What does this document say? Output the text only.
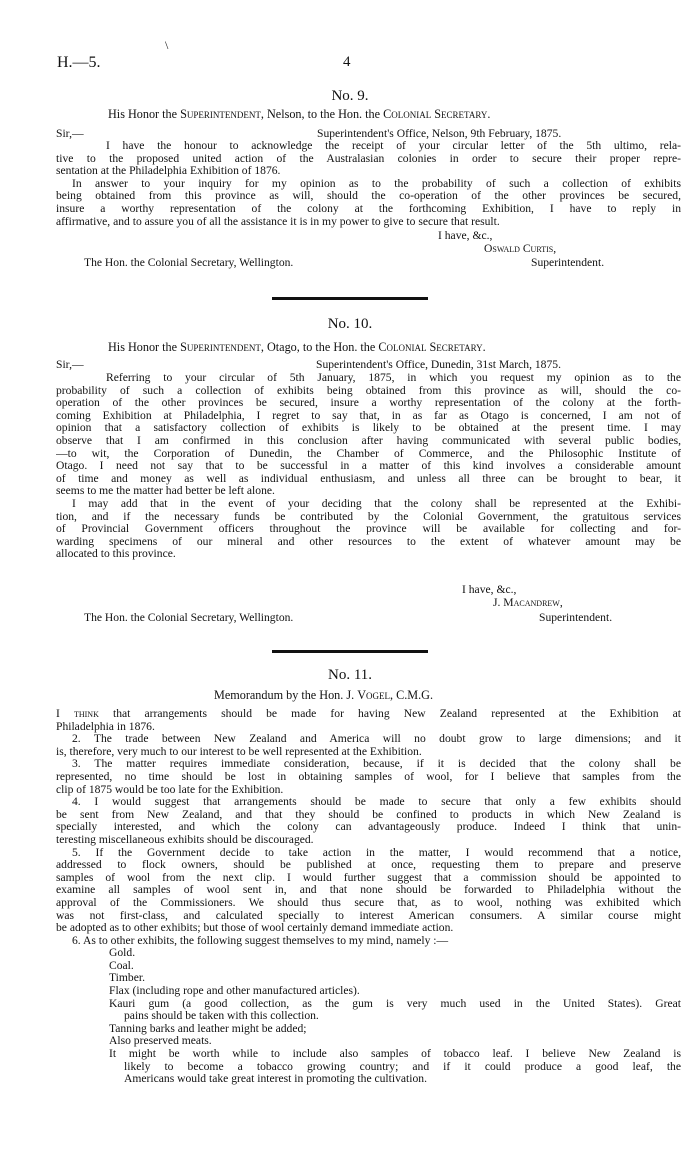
\
H.—5.	4
No. 9.
His Honor the Superintendent, Nelson, to the Hon. the Colonial Secretary.
Sir,—	Superintendent's Office, Nelson, 9th February, 1875.
I have the honour to acknowledge the receipt of your circular letter of the 5th ultimo, rela-
tive to the proposed united action of the Australasian colonies in order to secure their proper repre-
sentation at the Philadelphia Exhibition of 1876.
In answer to your inquiry for my opinion as to the probability of such a collection of exhibits
being obtained from this province as will, should the co-operation of the other provinces be secured,
insure a worthy representation of the colony at the forthcoming Exhibition, I have to reply in
affirmative, and to assure you of all the assistance it is in my power to give to secure that result.
I have, &c.,
Oswald Curtis,
The Hon. the Colonial Secretary, Wellington.	Superintendent.
No. 10.
His Honor the Superintendent, Otago, to the Hon. the Colonial Secretary.
Sir,—	Superintendent's Office, Dunedin, 31st March, 1875.
Referring to your circular of 5th January, 1875, in which you request my opinion as to the
probability of such a collection of exhibits being obtained from this province as will, should the co-
operation of the other provinces be secured, insure a worthy representation of the colony at the forth-
coming Exhibition at Philadelphia, I regret to say that, in as far as Otago is concerned, I am not of
opinion that a satisfactory collection of exhibits is likely to be obtained at the present time. I may
observe that I am confirmed in this conclusion after having communicated with several public bodies,
—to wit, the Corporation of Dunedin, the Chamber of Commerce, and the Philosophic Institute of
Otago. I need not say that to be successful in a matter of this kind involves a considerable amount
of time and money as well as individual enthusiasm, and unless all three can be brought to bear, it
seems to me the matter had better be left alone.
I may add that in the event of your deciding that the colony shall be represented at the Exhibi-
tion, and if the necessary funds be contributed by the Colonial Government, the gratuitous services
of Provincial Government officers throughout the province will be available for collecting and for-
warding specimens of our mineral and other resources to the extent of whatever amount may be
allocated to this province.
I have, &c.,
J. Macandrew,
The Hon. the Colonial Secretary, Wellington.	Superintendent.
No. 11.
Memorandum by the Hon. J. Vogel, C.M.G.
I think that arrangements should be made for having New Zealand represented at the Exhibition at
Philadelphia in 1876.
2. The trade between New Zealand and America will no doubt grow to large dimensions; and it
is, therefore, very much to our interest to be well represented at the Exhibition.
3. The matter requires immediate consideration, because, if it is decided that the colony shall be
represented, no time should be lost in obtaining samples of wool, for I believe that samples from the
clip of 1875 would be too late for the Exhibition.
4. I would suggest that arrangements should be made to secure that only a few exhibits should
be sent from New Zealand, and that they should be confined to products in which New Zealand is
specially interested, and which the colony can advantageously produce. Indeed I think that unin-
teresting miscellaneous exhibits should be discouraged.
5. If the Government decide to take action in the matter, I would recommend that a notice,
addressed to flock owners, should be published at once, requesting them to prepare and preserve
samples of wool from the next clip. I would further suggest that a commission should be appointed to
examine all samples of wool sent in, and that none should be forwarded to Philadelphia without the
approval of the Commissioners. We should thus secure that, as to wool, nothing was exhibited which
was not first-class, and calculated specially to interest American consumers. A similar course might
be adopted as to other exhibits; but those of wool certainly demand immediate action.
6. As to other exhibits, the following suggest themselves to my mind, namely :—
Gold.
Coal.
Timber.
Flax (including rope and other manufactured articles).
Kauri gum (a good collection, as the gum is very much used in the United States). Great
pains should be taken with this collection.
Tanning barks and leather might be added;
Also preserved meats.
It might be worth while to include also samples of tobacco leaf. I believe New Zealand is
likely to become a tobacco growing country; and if it could produce a good leaf, the
Americans would take great interest in promoting the cultivation.
